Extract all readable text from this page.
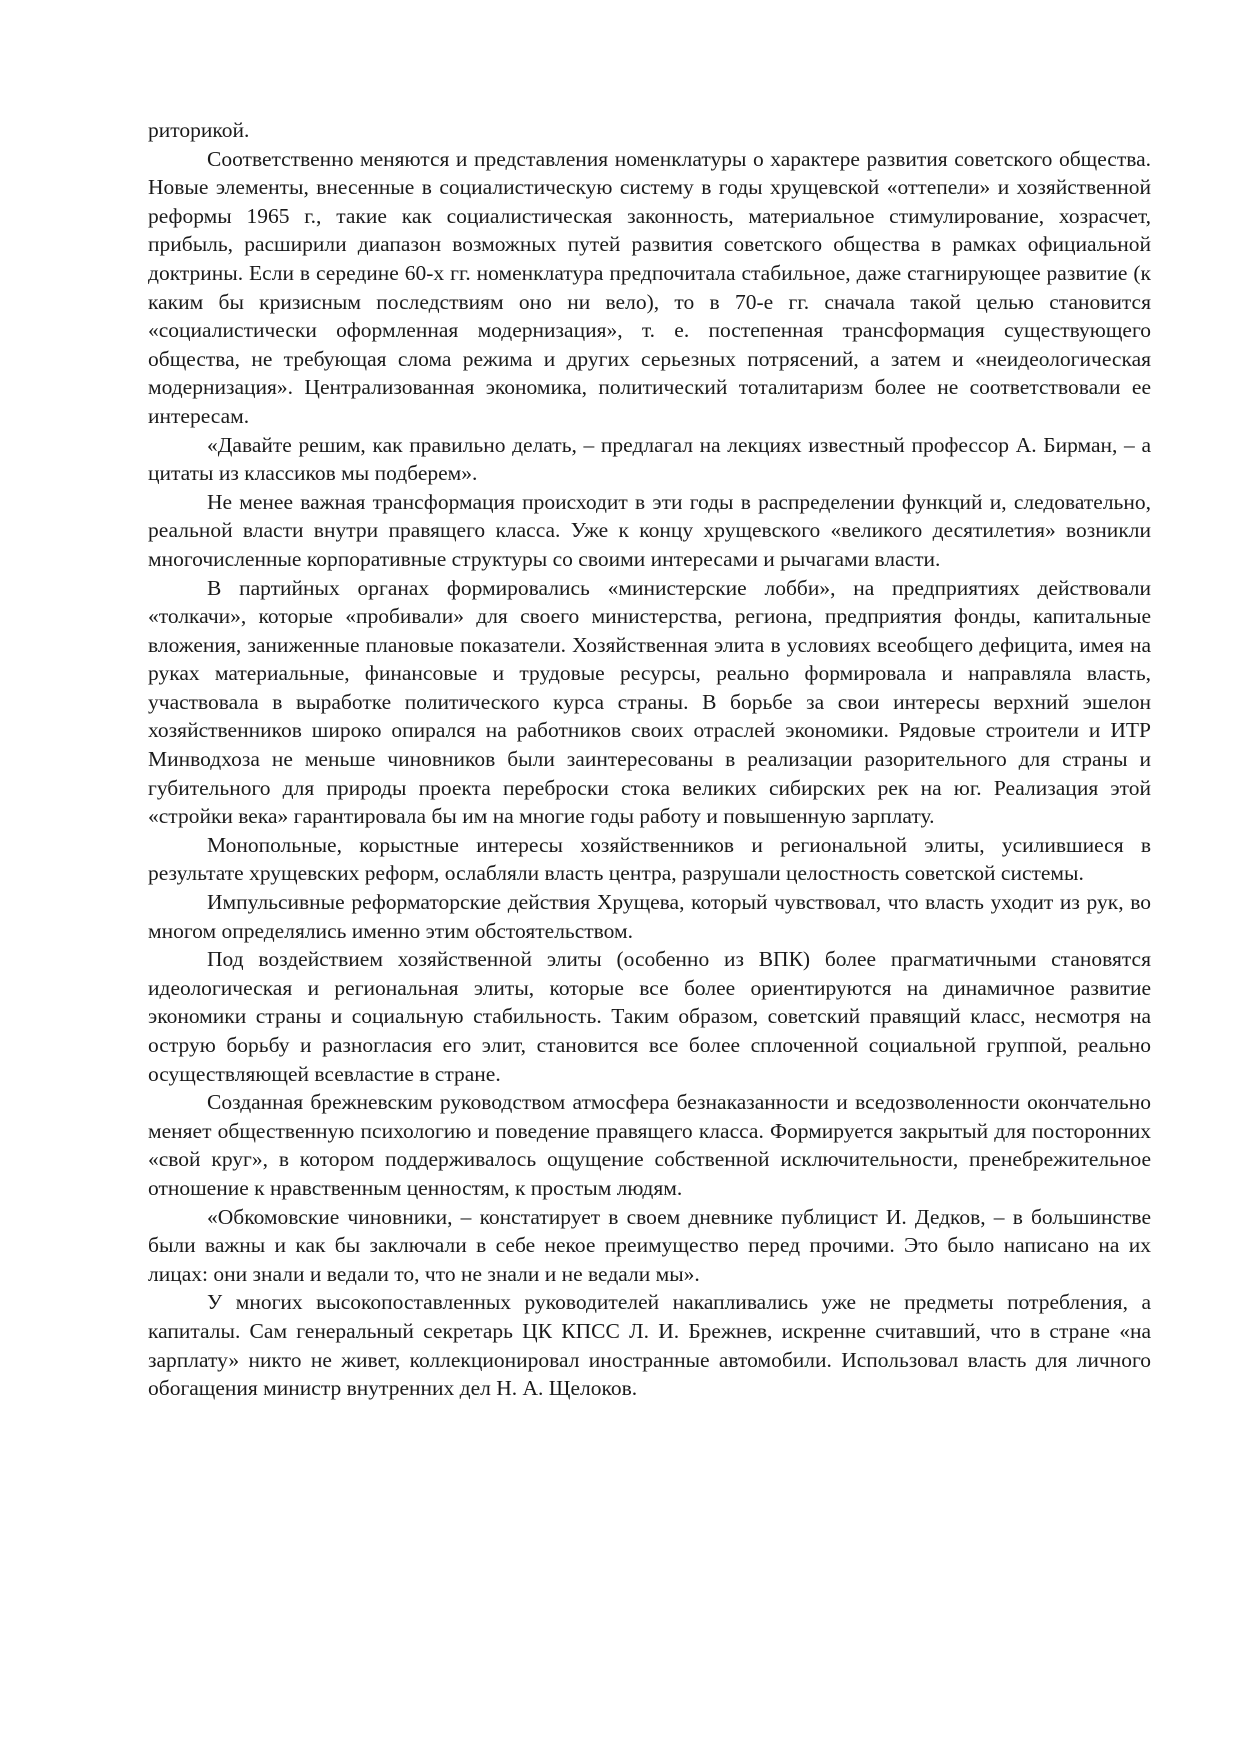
риторикой.

Соответственно меняются и представления номенклатуры о характере развития советского общества. Новые элементы, внесенные в социалистическую систему в годы хрущевской «оттепели» и хозяйственной реформы 1965 г., такие как социалистическая законность, материальное стимулирование, хозрасчет, прибыль, расширили диапазон возможных путей развития советского общества в рамках официальной доктрины. Если в середине 60-х гг. номенклатура предпочитала стабильное, даже стагнирующее развитие (к каким бы кризисным последствиям оно ни вело), то в 70-е гг. сначала такой целью становится «социалистически оформленная модернизация», т. е. постепенная трансформация существующего общества, не требующая слома режима и других серьезных потрясений, а затем и «неидеологическая модернизация». Централизованная экономика, политический тоталитаризм более не соответствовали ее интересам.

«Давайте решим, как правильно делать, – предлагал на лекциях известный профессор А. Бирман, – а цитаты из классиков мы подберем».

Не менее важная трансформация происходит в эти годы в распределении функций и, следовательно, реальной власти внутри правящего класса. Уже к концу хрущевского «великого десятилетия» возникли многочисленные корпоративные структуры со своими интересами и рычагами власти.

В партийных органах формировались «министерские лобби», на предприятиях действовали «толкачи», которые «пробивали» для своего министерства, региона, предприятия фонды, капитальные вложения, заниженные плановые показатели. Хозяйственная элита в условиях всеобщего дефицита, имея на руках материальные, финансовые и трудовые ресурсы, реально формировала и направляла власть, участвовала в выработке политического курса страны. В борьбе за свои интересы верхний эшелон хозяйственников широко опирался на работников своих отраслей экономики. Рядовые строители и ИТР Минводхоза не меньше чиновников были заинтересованы в реализации разорительного для страны и губительного для природы проекта переброски стока великих сибирских рек на юг. Реализация этой «стройки века» гарантировала бы им на многие годы работу и повышенную зарплату.

Монопольные, корыстные интересы хозяйственников и региональной элиты, усилившиеся в результате хрущевских реформ, ослабляли власть центра, разрушали целостность советской системы.

Импульсивные реформаторские действия Хрущева, который чувствовал, что власть уходит из рук, во многом определялись именно этим обстоятельством.

Под воздействием хозяйственной элиты (особенно из ВПК) более прагматичными становятся идеологическая и региональная элиты, которые все более ориентируются на динамичное развитие экономики страны и социальную стабильность. Таким образом, советский правящий класс, несмотря на острую борьбу и разногласия его элит, становится все более сплоченной социальной группой, реально осуществляющей всевластие в стране.

Созданная брежневским руководством атмосфера безнаказанности и вседозволенности окончательно меняет общественную психологию и поведение правящего класса. Формируется закрытый для посторонних «свой круг», в котором поддерживалось ощущение собственной исключительности, пренебрежительное отношение к нравственным ценностям, к простым людям.

«Обкомовские чиновники, – констатирует в своем дневнике публицист И. Дедков, – в большинстве были важны и как бы заключали в себе некое преимущество перед прочими. Это было написано на их лицах: они знали и ведали то, что не знали и не ведали мы».

У многих высокопоставленных руководителей накапливались уже не предметы потребления, а капиталы. Сам генеральный секретарь ЦК КПСС Л. И. Брежнев, искренне считавший, что в стране «на зарплату» никто не живет, коллекционировал иностранные автомобили. Использовал власть для личного обогащения министр внутренних дел Н. А. Щелоков.
